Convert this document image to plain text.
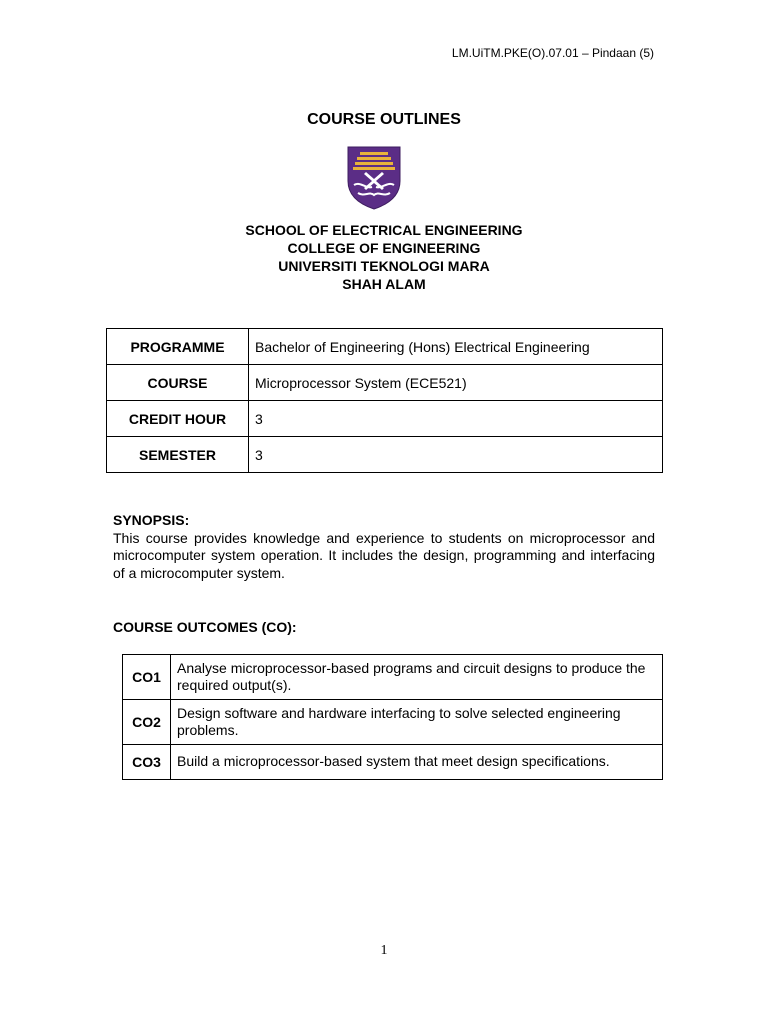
LM.UiTM.PKE(O).07.01 – Pindaan (5)
COURSE OUTLINES
SCHOOL OF ELECTRICAL ENGINEERING
COLLEGE OF ENGINEERING
UNIVERSITI TEKNOLOGI MARA
SHAH ALAM
PROGRAMME	Bachelor of Engineering (Hons) Electrical Engineering
COURSE	Microprocessor System (ECE521)
CREDIT HOUR	3
SEMESTER	3
SYNOPSIS:
This course provides knowledge and experience to students on microprocessor and microcomputer system operation. It includes the design, programming and interfacing of a microcomputer system.
COURSE OUTCOMES (CO):
CO1	Analyse microprocessor-based programs and circuit designs to produce the required output(s).
CO2	Design software and hardware interfacing to solve selected engineering problems.
CO3	Build a microprocessor-based system that meet design specifications.
1
